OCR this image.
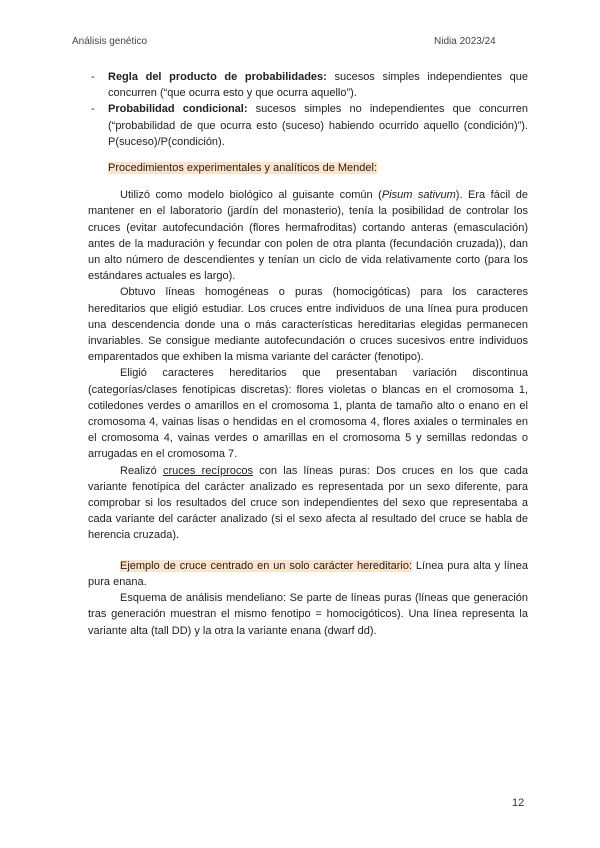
Análisis genético	Nidia 2023/24
- Regla del producto de probabilidades: sucesos simples independientes que concurren (“que ocurra esto y que ocurra aquello”).
- Probabilidad condicional: sucesos simples no independientes que concurren (“probabilidad de que ocurra esto (suceso) habiendo ocurrido aquello (condición)”). P(suceso)/P(condición).
Procedimientos experimentales y analíticos de Mendel:

Utilizó como modelo biológico al guisante común (Pisum sativum). Era fácil de mantener en el laboratorio (jardín del monasterio), tenía la posibilidad de controlar los cruces (evitar autofecundación (flores hermafroditas) cortando anteras (emasculación) antes de la maduración y fecundar con polen de otra planta (fecundación cruzada)), dan un alto número de descendientes y tenían un ciclo de vida relativamente corto (para los estándares actuales es largo).

Obtuvo líneas homogéneas o puras (homocigóticas) para los caracteres hereditarios que eligió estudiar. Los cruces entre individuos de una línea pura producen una descendencia donde una o más características hereditarias elegidas permanecen invariables. Se consigue mediante autofecundación o cruces sucesivos entre individuos emparentados que exhiben la misma variante del carácter (fenotipo).

Eligió caracteres hereditarios que presentaban variación discontinua (categorías/clases fenotípicas discretas): flores violetas o blancas en el cromosoma 1, cotiledones verdes o amarillos en el cromosoma 1, planta de tamaño alto o enano en el cromosoma 4, vainas lisas o hendidas en el cromosoma 4, flores axiales o terminales en el cromosoma 4, vainas verdes o amarillas en el cromosoma 5 y semillas redondas o arrugadas en el cromosoma 7.

Realizó cruces recíprocos con las líneas puras: Dos cruces en los que cada variante fenotípica del carácter analizado es representada por un sexo diferente, para comprobar si los resultados del cruce son independientes del sexo que representaba a cada variante del carácter analizado (si el sexo afecta al resultado del cruce se habla de herencia cruzada).

Ejemplo de cruce centrado en un solo carácter hereditario: Línea pura alta y línea pura enana.

Esquema de análisis mendeliano: Se parte de líneas puras (líneas que generación tras generación muestran el mismo fenotipo = homocigóticos). Una línea representa la variante alta (tall DD) y la otra la variante enana (dwarf dd).

12
